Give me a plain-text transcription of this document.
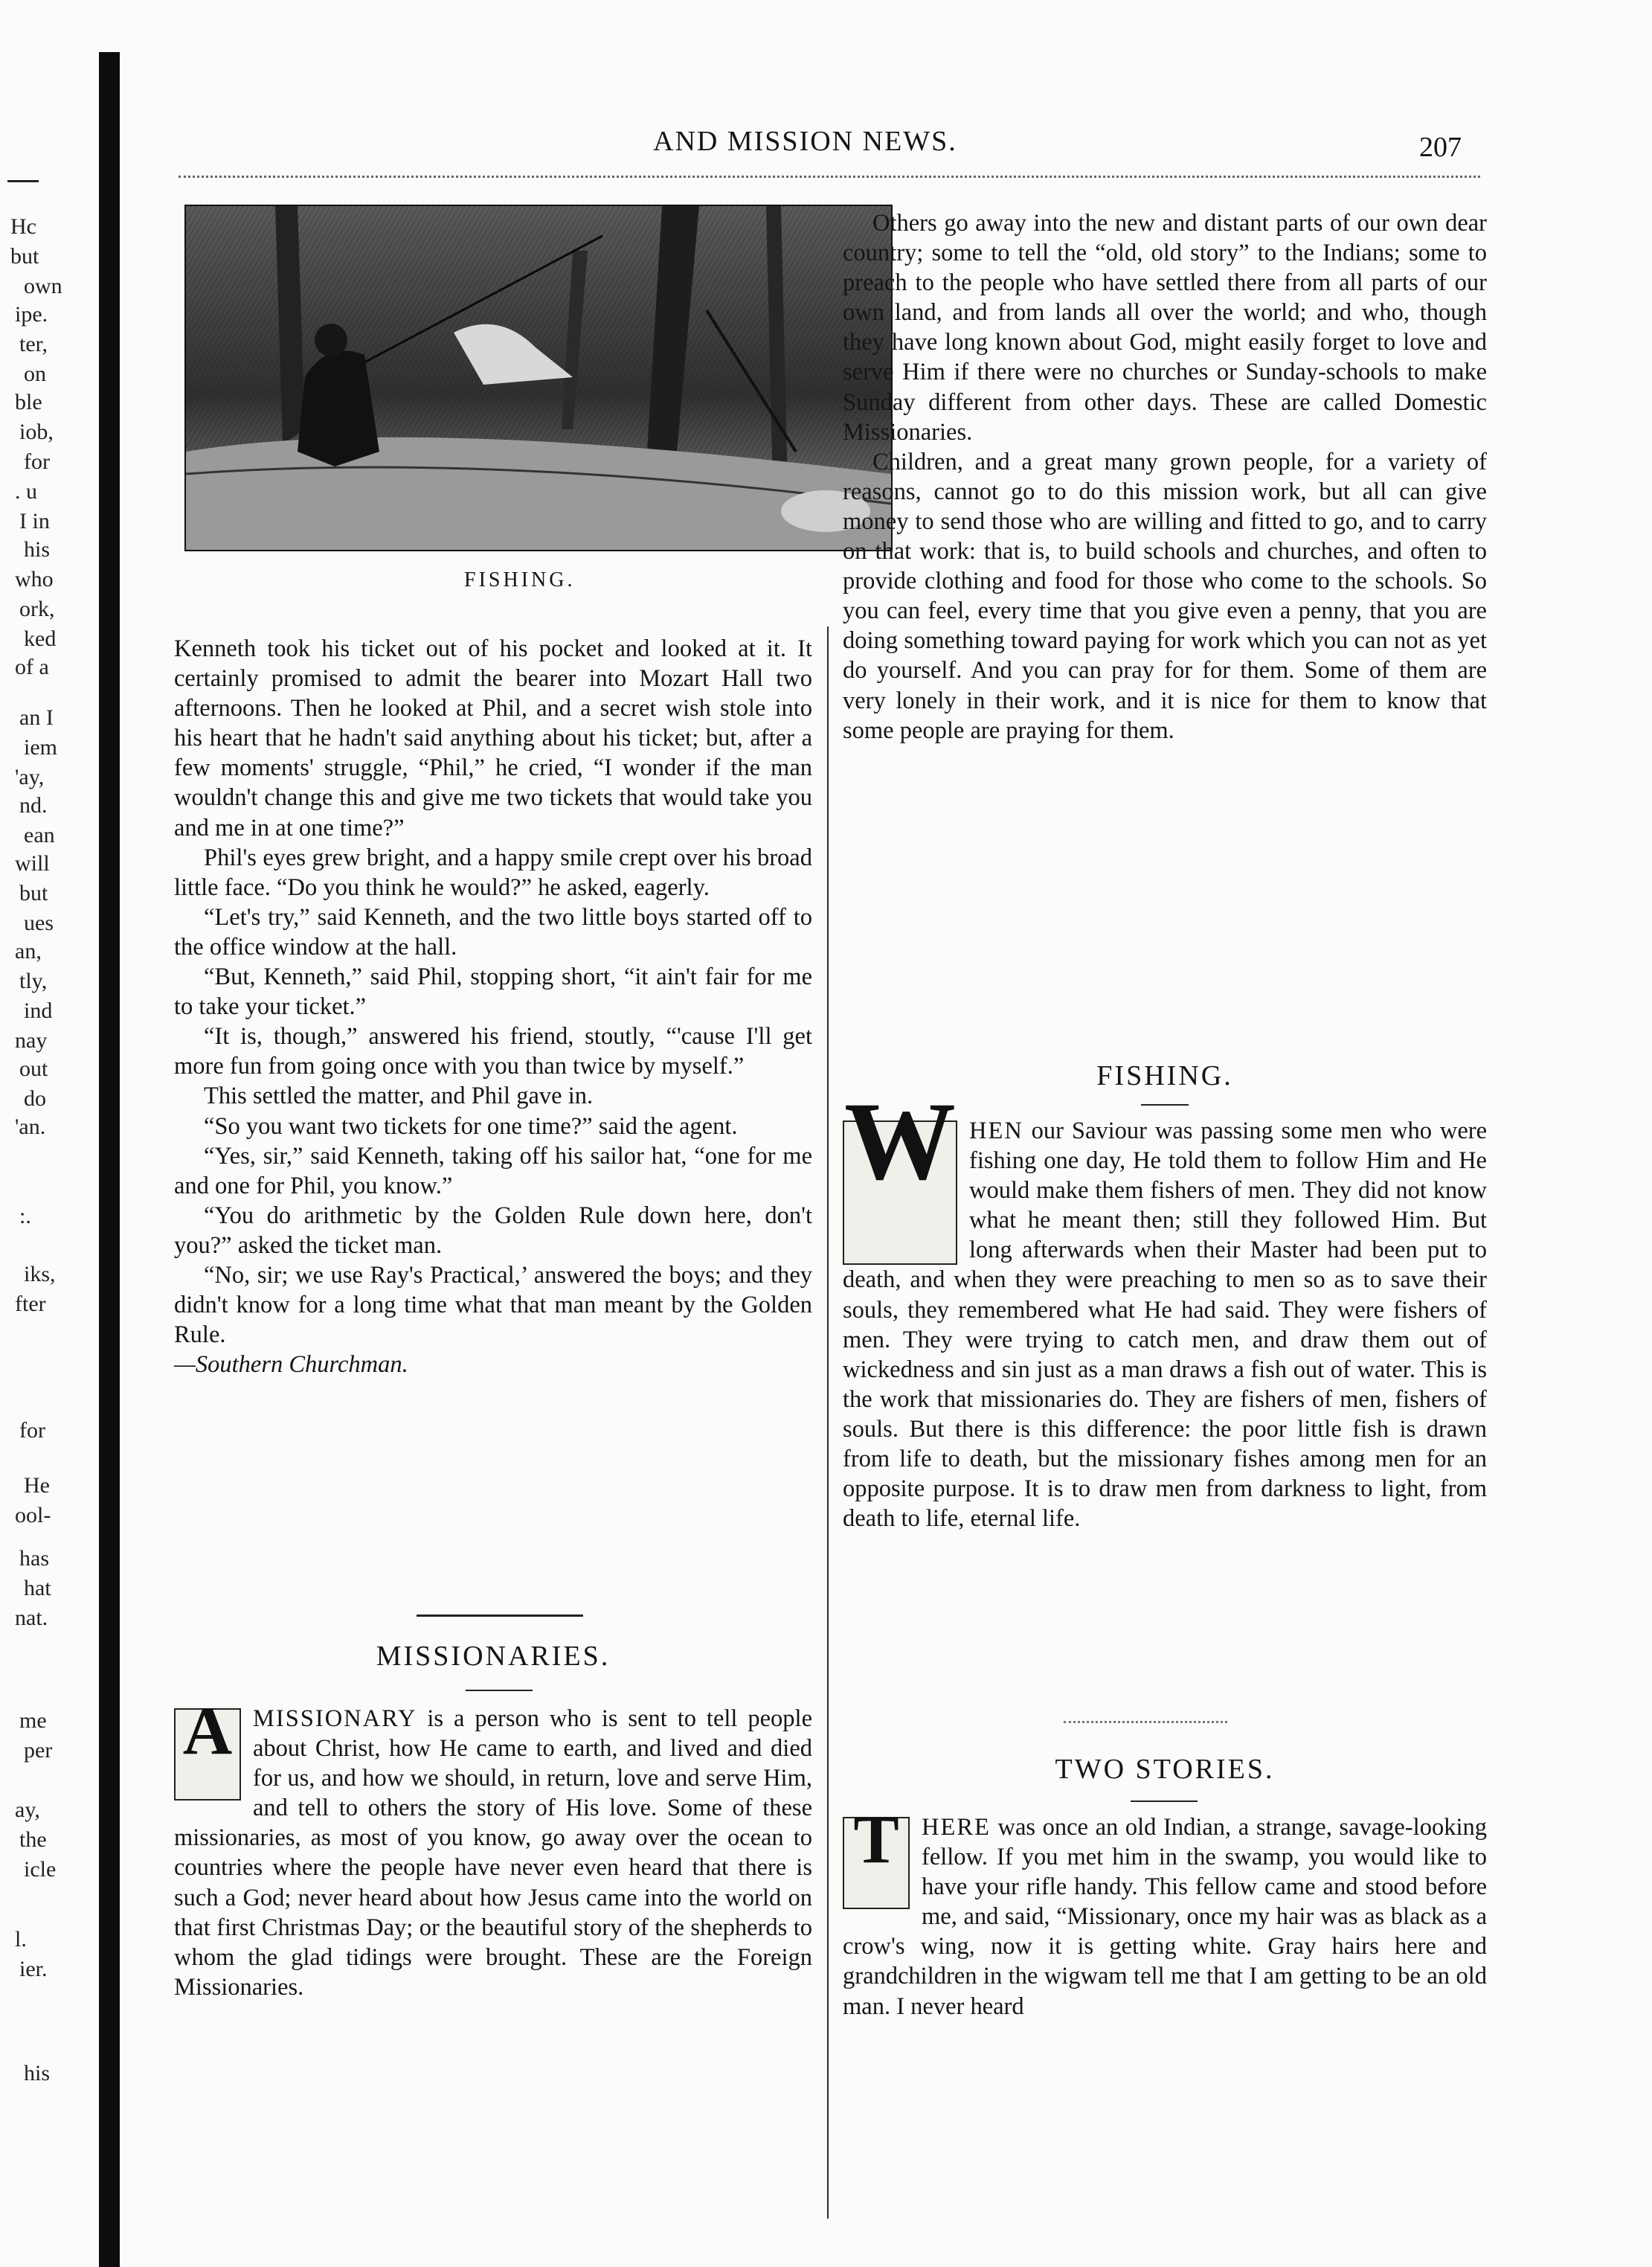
Hc
but
own
ipe.
ter,
on
ble
iob,
for
. u
I in
his
who
ork,
ked
of a
an I
iem
'ay,
nd.
ean
will
but
ues
an,
tly,
ind
nay
out
do
'an.
:.
iks,
fter
for
He
ool-
has
hat
nat.
me
per
ay,
the
icle
l.
ier.
his
AND MISSION NEWS.	207
FISHING.

Kenneth took his ticket out of his pocket and looked at it. It certainly promised to admit the bearer into Mozart Hall two afternoons. Then he looked at Phil, and a secret wish stole into his heart that he hadn't said anything about his ticket; but, after a few moments' struggle, “Phil,” he cried, “I wonder if the man wouldn't change this and give me two tickets that would take you and me in at one time?”

Phil's eyes grew bright, and a happy smile crept over his broad little face. “Do you think he would?” he asked, eagerly.

“Let's try,” said Kenneth, and the two little boys started off to the office window at the hall.

“But, Kenneth,” said Phil, stopping short, “it ain't fair for me to take your ticket.”

“It is, though,” answered his friend, stoutly, “'cause I'll get more fun from going once with you than twice by myself.”

This settled the matter, and Phil gave in.

“So you want two tickets for one time?” said the agent.

“Yes, sir,” said Kenneth, taking off his sailor hat, “one for me and one for Phil, you know.”

“You do arithmetic by the Golden Rule down here, don't you?” asked the ticket man.

“No, sir; we use Ray's Practical,’ answered the boys; and they didn't know for a long time what that man meant by the Golden Rule.

—Southern Churchman.

MISSIONARIES.

A MISSIONARY is a person who is sent to tell people about Christ, how He came to earth, and lived and died for us, and how we should, in return, love and serve Him, and tell to others the story of His love. Some of these missionaries, as most of you know, go away over the ocean to countries where the people have never even heard that there is such a God; never heard about how Jesus came into the world on that first Christmas Day; or the beautiful story of the shepherds to whom the glad tidings were brought. These are the Foreign Missionaries.

Others go away into the new and distant parts of our own dear country; some to tell the “old, old story” to the Indians; some to preach to the people who have settled there from all parts of our own land, and from lands all over the world; and who, though they have long known about God, might easily forget to love and serve Him if there were no churches or Sunday-schools to make Sunday different from other days. These are called Domestic Missionaries.

Children, and a great many grown people, for a variety of reasons, cannot go to do this mission work, but all can give money to send those who are willing and fitted to go, and to carry on that work: that is, to build schools and churches, and often to provide clothing and food for those who come to the schools. So you can feel, every time that you give even a penny, that you are doing something toward paying for work which you can not as yet do yourself. And you can pray for for them. Some of them are very lonely in their work, and it is nice for them to know that some people are praying for them.

FISHING.

W HEN our Saviour was passing some men who were fishing one day, He told them to follow Him and He would make them fishers of men. They did not know what he meant then; still they followed Him. But long afterwards when their Master had been put to death, and when they were preaching to men so as to save their souls, they remembered what He had said. They were fishers of men. They were trying to catch men, and draw them out of wickedness and sin just as a man draws a fish out of water. This is the work that missionaries do. They are fishers of men, fishers of souls. But there is this difference: the poor little fish is drawn from life to death, but the missionary fishes among men for an opposite purpose. It is to draw men from darkness to light, from death to life, eternal life.

TWO STORIES.

T HERE was once an old Indian, a strange, savage-looking fellow. If you met him in the swamp, you would like to have your rifle handy. This fellow came and stood before me, and said, “Missionary, once my hair was as black as a crow's wing, now it is getting white. Gray hairs here and grandchildren in the wigwam tell me that I am getting to be an old man. I never heard
